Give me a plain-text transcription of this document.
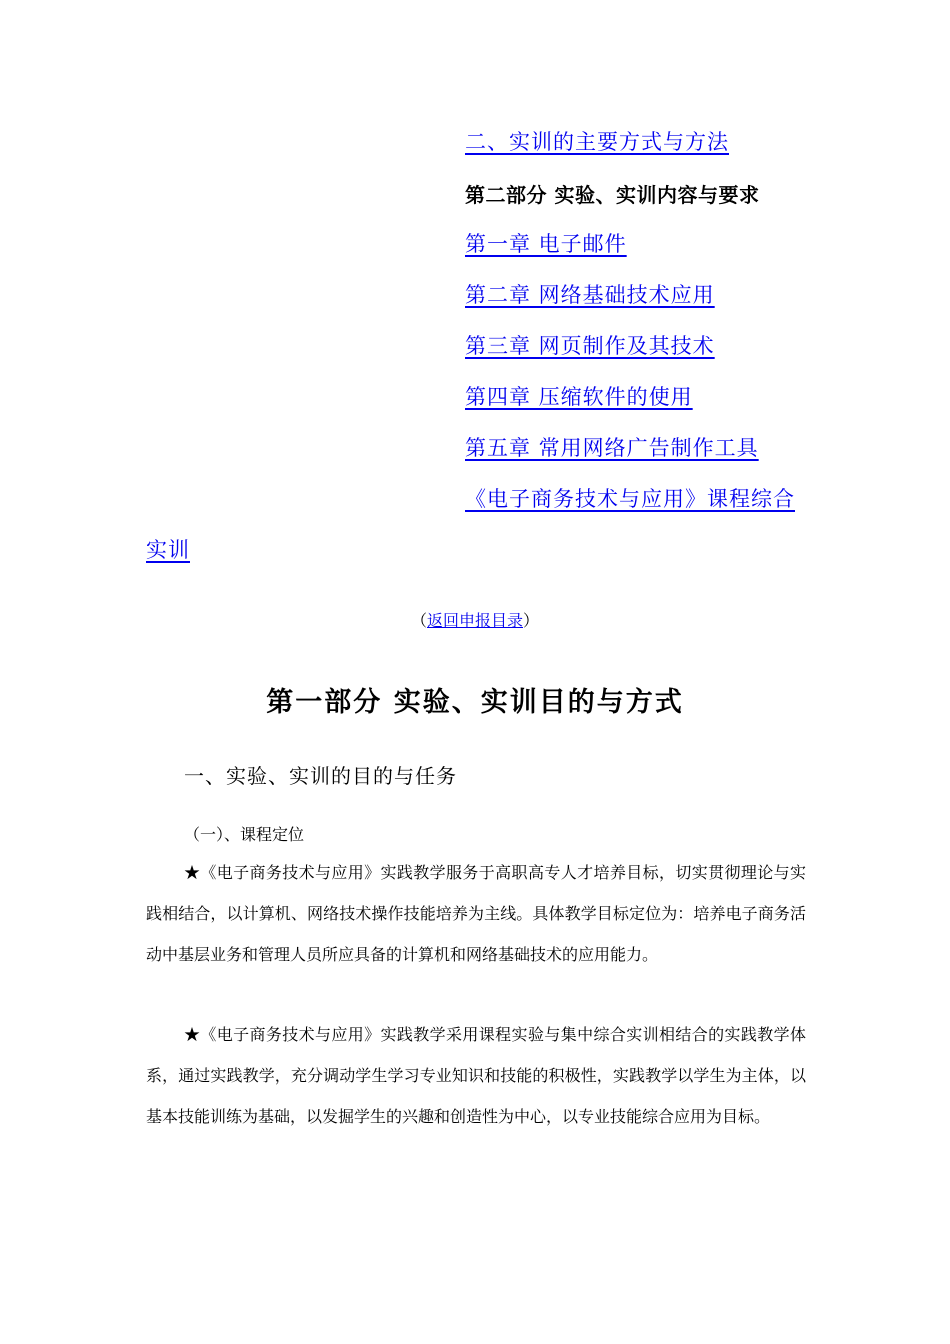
二、实训的主要方式与方法
第二部分 实验、实训内容与要求
第一章 电子邮件
第二章 网络基础技术应用
第三章 网页制作及其技术
第四章 压缩软件的使用
第五章 常用网络广告制作工具
《电子商务技术与应用》课程综合
实训
（返回申报目录）
第一部分 实验、实训目的与方式
一、实验、实训的目的与任务
（一）、课程定位

★《电子商务技术与应用》实践教学服务于高职高专人才培养目标，切实贯彻理论与实践相结合，以计算机、网络技术操作技能培养为主线。具体教学目标定位为：培养电子商务活动中基层业务和管理人员所应具备的计算机和网络基础技术的应用能力。

★《电子商务技术与应用》实践教学采用课程实验与集中综合实训相结合的实践教学体系，通过实践教学，充分调动学生学习专业知识和技能的积极性，实践教学以学生为主体，以基本技能训练为基础，以发掘学生的兴趣和创造性为中心，以专业技能综合应用为目标。
